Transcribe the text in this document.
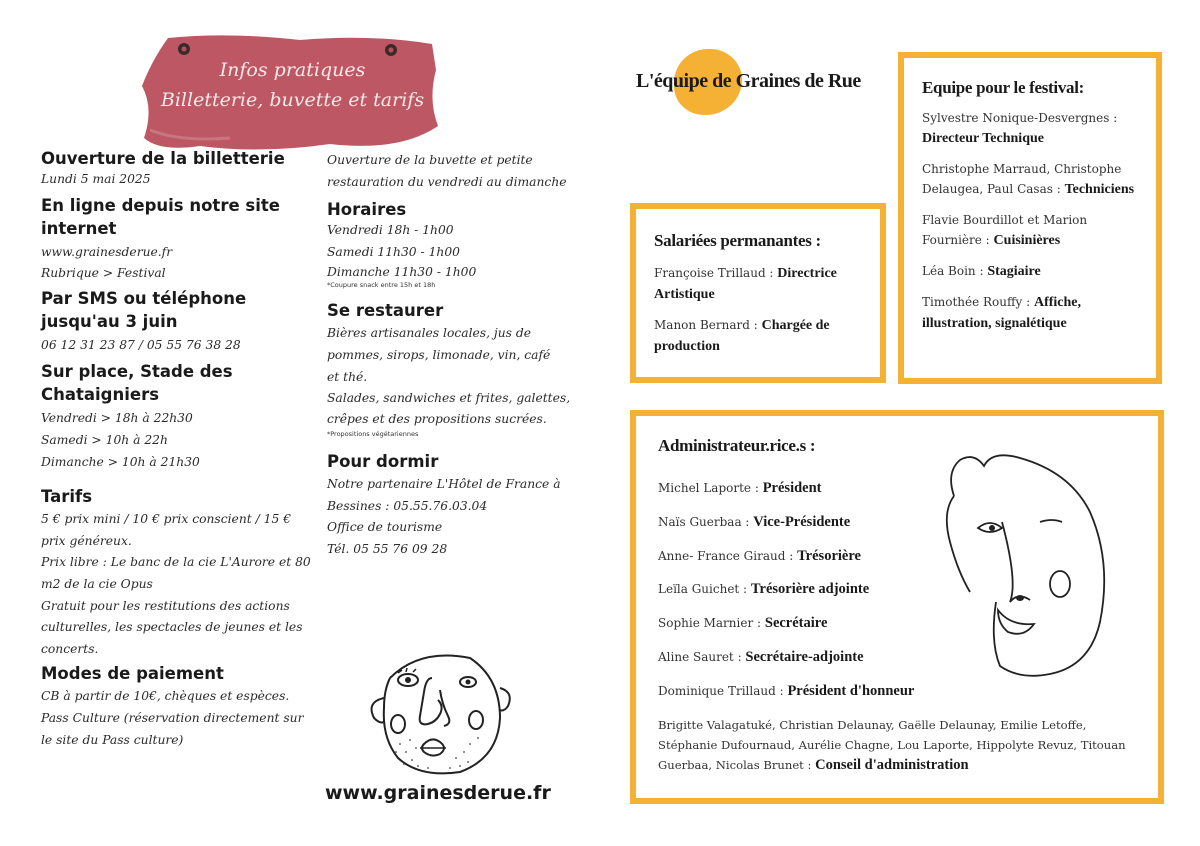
Infos pratiques
Billetterie, buvette et tarifs
Ouverture de la billetterie
Lundi 5 mai 2025
En ligne depuis notre site internet
www.grainesderue.fr
Rubrique > Festival
Par SMS ou téléphone jusqu'au 3 juin
06 12 31 23 87 / 05 55 76 38 28
Sur place, Stade des Chataigniers
Vendredi > 18h à 22h30
Samedi > 10h à 22h
Dimanche > 10h à 21h30
Tarifs
5 € prix mini / 10 € prix conscient / 15 € prix généreux.
Prix libre : Le banc de la cie L'Aurore et 80 m2 de la cie Opus
Gratuit pour les restitutions des actions culturelles, les spectacles de jeunes et les concerts.
Modes de paiement
CB à partir de 10€, chèques et espèces.
Pass Culture (réservation directement sur le site du Pass culture)
Ouverture de la buvette et petite restauration du vendredi au dimanche
Horaires
Vendredi 18h - 1h00
Samedi 11h30 - 1h00
Dimanche 11h30 - 1h00
*Coupure snack entre 15h et 18h
Se restaurer
Bières artisanales locales, jus de pommes, sirops, limonade, vin, café et thé.
Salades, sandwiches et frites, galettes, crêpes et des propositions sucrées.
*Propositions végétariennes
Pour dormir
Notre partenaire L'Hôtel de France à Bessines : 05.55.76.03.04
Office de tourisme
Tél. 05 55 76 09 28
www.grainesderue.fr
L'équipe de Graines de Rue
Salariées permanantes :
Françoise Trillaud : Directrice Artistique
Manon Bernard : Chargée de production
Equipe pour le festival:
Sylvestre Nonique-Desvergnes : Directeur Technique
Christophe Marraud, Christophe Delaugea, Paul Casas : Techniciens
Flavie Bourdillot et Marion Fournière : Cuisinières
Léa Boin : Stagiaire
Timothée Rouffy : Affiche, illustration, signalétique
Administrateur.rice.s :
Michel Laporte : Président
Naïs Guerbaa : Vice-Présidente
Anne- France Giraud : Trésorière
Leïla Guichet : Trésorière adjointe
Sophie Marnier : Secrétaire
Aline Sauret : Secrétaire-adjointe
Dominique Trillaud : Président d'honneur
Brigitte Valagatuké, Christian Delaunay, Gaëlle Delaunay, Emilie Letoffe, Stéphanie Dufournaud, Aurélie Chagne, Lou Laporte, Hippolyte Revuz, Titouan Guerbaa, Nicolas Brunet : Conseil d'administration
